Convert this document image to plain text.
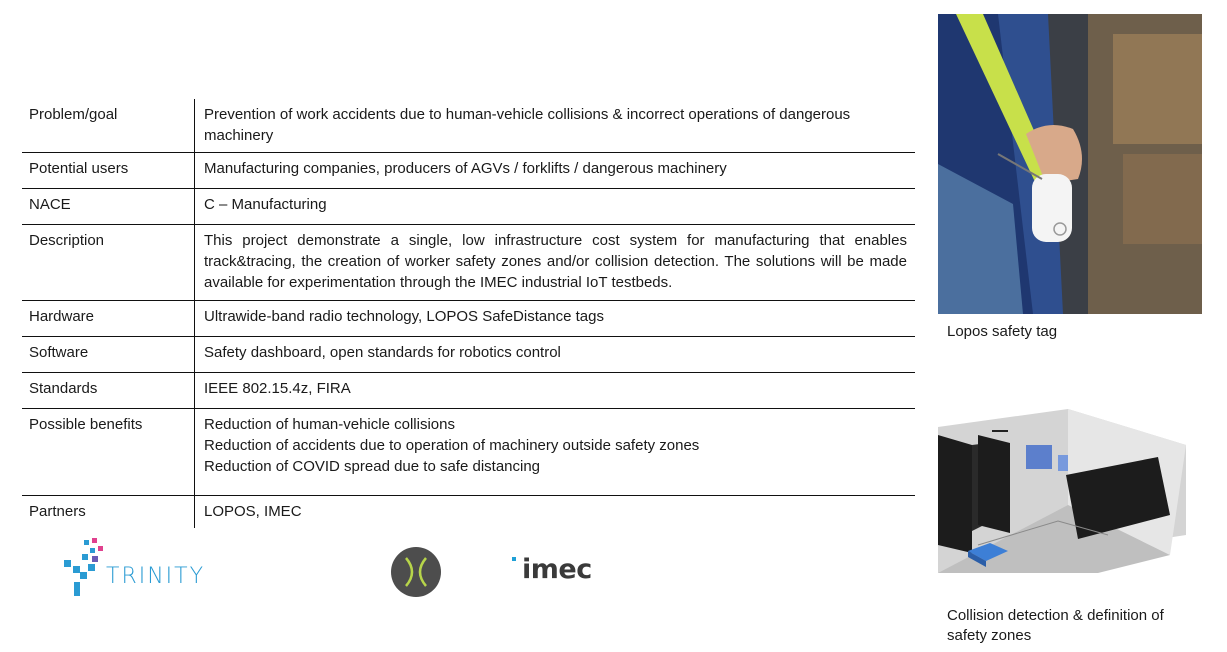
Problem/goal	Prevention of work accidents due to human-vehicle collisions & incorrect operations of dangerous machinery

Potential users	Manufacturing companies, producers of AGVs / forklifts / dangerous machinery

NACE	C – Manufacturing

Description	This project demonstrate a single, low infrastructure cost system for manufacturing that enables track&tracing, the creation of worker safety zones and/or collision detection. The solutions will be made available for experimentation through the IMEC industrial IoT testbeds.

Hardware	Ultrawide-band radio technology, LOPOS SafeDistance tags

Software	Safety dashboard, open standards for robotics control

Standards	IEEE 802.15.4z, FIRA

Possible benefits	Reduction of human-vehicle collisions
Reduction of accidents due to operation of machinery outside safety zones
Reduction of COVID spread due to safe distancing

Partners	LOPOS, IMEC
Lopos safety tag
Collision detection & definition of
safety zones
TRINITY	imec
